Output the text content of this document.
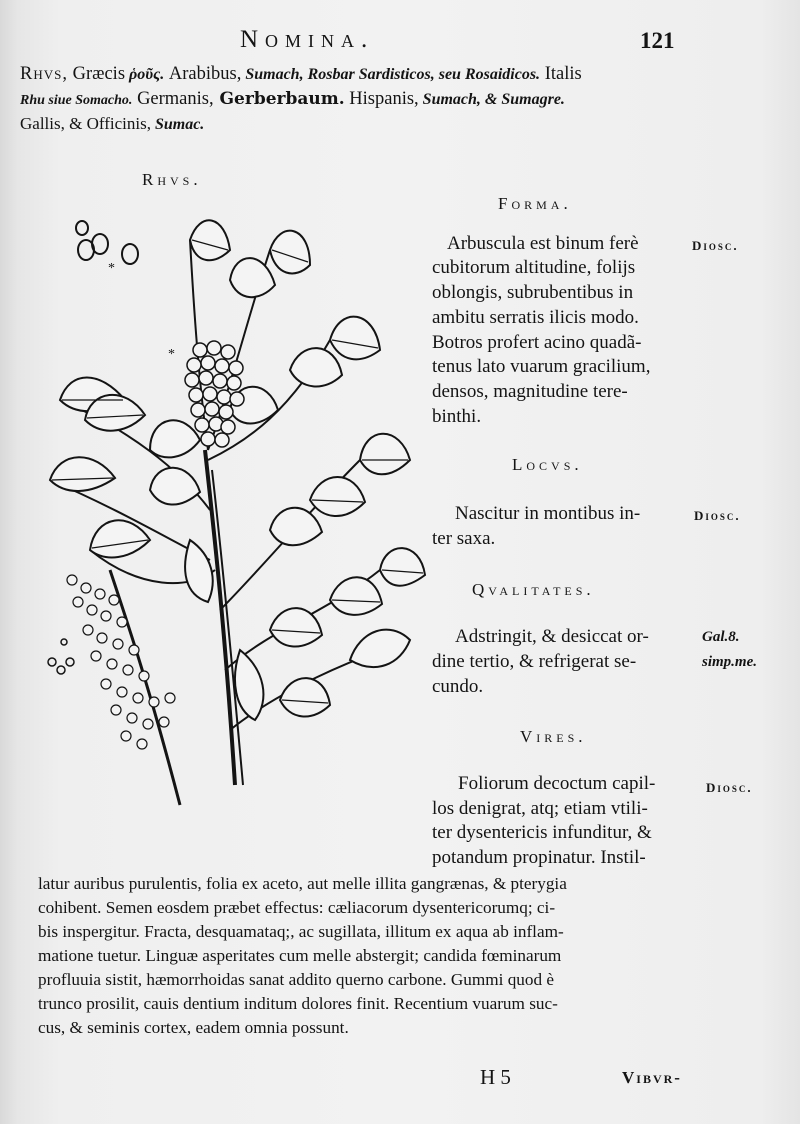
Nomina.	121
Rhvs, Græcis ῥοῦς. Arabibus, Sumach, Rosbar Sardisticos, seu Rosaidicos. Italis
Rhu siue Somacho. Germanis, Gerberbaum. Hispanis, Sumach, & Sumagre.
Gallis, & Officinis, Sumac.
Rhvs.
*
*
Forma.
Arbuscula est binum ferè
cubitorum altitudine, folijs
oblongis, subrubentibus in
ambitu serratis ilicis modo.
Botros profert acino quadã-
tenus lato vuarum gracilium,
densos, magnitudine tere-
binthi.
Diosc.
Locvs.
Nascitur in montibus in-
ter saxa.
Diosc.
Qvalitates.
Adstringit, & desiccat or-
dine tertio, & refrigerat se-
cundo.
Gal.8.
simp.me.
Vires.
Foliorum decoctum capil-
los denigrat, atq; etiam vtili-
ter dysentericis infunditur, &
potandum propinatur. Instil-
Diosc.
latur auribus purulentis, folia ex aceto, aut melle illita gangrænas, & pterygia
cohibent. Semen eosdem præbet effectus: cæliacorum dysentericorumq; ci-
bis inspergitur. Fracta, desquamataq;, ac sugillata, illitum ex aqua ab inflam-
matione tuetur. Linguæ asperitates cum melle abstergit; candida fœminarum
profluuia sistit, hæmorrhoidas sanat addito querno carbone. Gummi quod è
trunco prosilit, cauis dentium inditum dolores finit. Recentium vuarum suc-
cus, & seminis cortex, eadem omnia possunt.
H 5	Vibvr-
